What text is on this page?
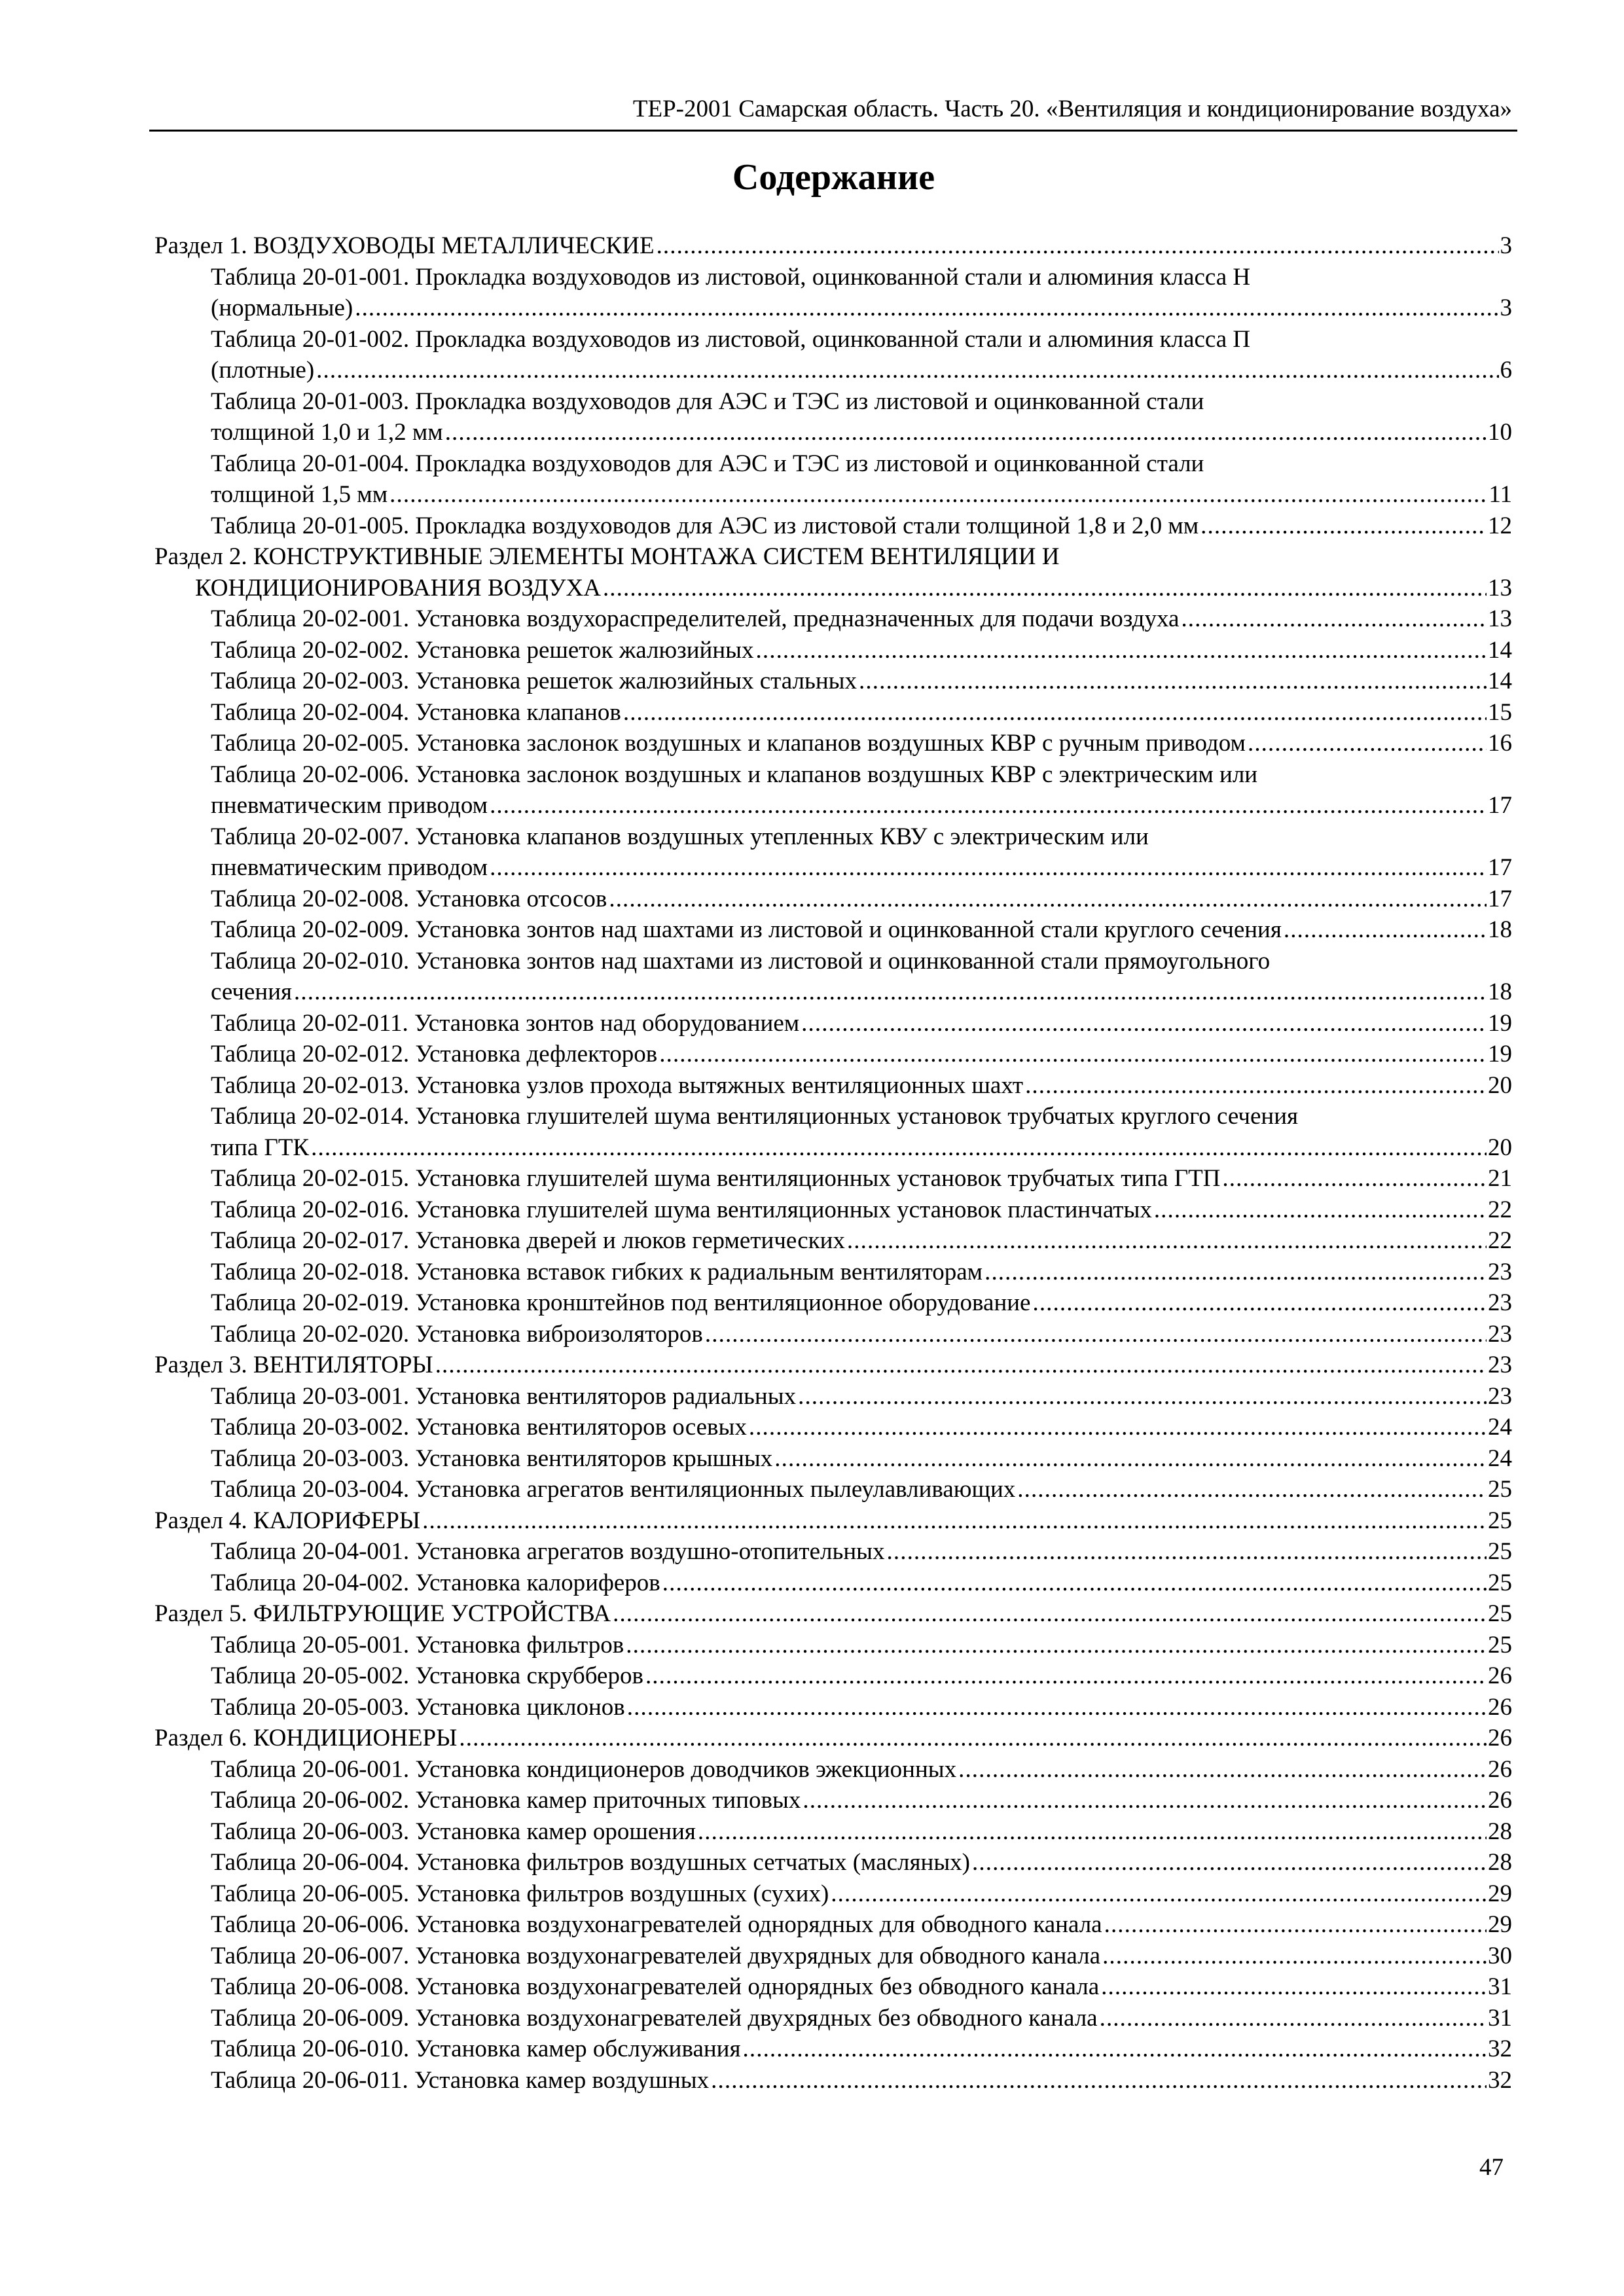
ТЕР-2001 Самарская область. Часть 20. «Вентиляция и кондиционирование воздуха»
Содержание
Раздел 1. ВОЗДУХОВОДЫ МЕТАЛЛИЧЕСКИЕ .....	3
Таблица 20-01-001. Прокладка воздуховодов из листовой, оцинкованной стали и алюминия класса Н
(нормальные) .....	3
Таблица 20-01-002. Прокладка воздуховодов из листовой, оцинкованной стали и алюминия класса П
(плотные) .....	6
Таблица 20-01-003. Прокладка воздуховодов для АЭС и ТЭС из листовой и оцинкованной стали
толщиной 1,0 и 1,2 мм .....	10
Таблица 20-01-004. Прокладка воздуховодов для АЭС и ТЭС из листовой и оцинкованной стали
толщиной 1,5 мм .....	11
Таблица 20-01-005. Прокладка воздуховодов для АЭС из листовой стали толщиной 1,8 и 2,0 мм .....	12
Раздел 2. КОНСТРУКТИВНЫЕ ЭЛЕМЕНТЫ МОНТАЖА СИСТЕМ ВЕНТИЛЯЦИИ И
КОНДИЦИОНИРОВАНИЯ ВОЗДУХА .....	13
Таблица 20-02-001. Установка воздухораспределителей, предназначенных для подачи воздуха .....	13
Таблица 20-02-002. Установка решеток жалюзийных .....	14
Таблица 20-02-003. Установка решеток жалюзийных стальных .....	14
Таблица 20-02-004. Установка клапанов .....	15
Таблица 20-02-005. Установка заслонок воздушных и клапанов воздушных КВР с ручным приводом .....	16
Таблица 20-02-006. Установка заслонок воздушных и клапанов воздушных КВР с электрическим или
пневматическим приводом .....	17
Таблица 20-02-007. Установка клапанов воздушных утепленных КВУ с электрическим или
пневматическим приводом .....	17
Таблица 20-02-008. Установка отсосов .....	17
Таблица 20-02-009. Установка зонтов над шахтами из листовой и оцинкованной стали круглого сечения .....	18
Таблица 20-02-010. Установка зонтов над шахтами из листовой и оцинкованной стали прямоугольного
сечения .....	18
Таблица 20-02-011. Установка зонтов над оборудованием .....	19
Таблица 20-02-012. Установка дефлекторов .....	19
Таблица 20-02-013. Установка узлов прохода вытяжных вентиляционных шахт .....	20
Таблица 20-02-014. Установка глушителей шума вентиляционных установок трубчатых круглого сечения
типа ГТК .....	20
Таблица 20-02-015. Установка глушителей шума вентиляционных установок трубчатых типа ГТП .....	21
Таблица 20-02-016. Установка глушителей шума вентиляционных установок пластинчатых .....	22
Таблица 20-02-017. Установка дверей и люков герметических .....	22
Таблица 20-02-018. Установка вставок гибких к радиальным вентиляторам .....	23
Таблица 20-02-019. Установка кронштейнов под вентиляционное оборудование .....	23
Таблица 20-02-020. Установка виброизоляторов .....	23
Раздел 3. ВЕНТИЛЯТОРЫ .....	23
Таблица 20-03-001. Установка вентиляторов радиальных .....	23
Таблица 20-03-002. Установка вентиляторов осевых .....	24
Таблица 20-03-003. Установка вентиляторов крышных .....	24
Таблица 20-03-004. Установка агрегатов вентиляционных пылеулавливающих .....	25
Раздел 4. КАЛОРИФЕРЫ .....	25
Таблица 20-04-001. Установка агрегатов воздушно-отопительных .....	25
Таблица 20-04-002. Установка калориферов .....	25
Раздел 5. ФИЛЬТРУЮЩИЕ УСТРОЙСТВА .....	25
Таблица 20-05-001. Установка фильтров .....	25
Таблица 20-05-002. Установка скрубберов .....	26
Таблица 20-05-003. Установка циклонов .....	26
Раздел 6. КОНДИЦИОНЕРЫ .....	26
Таблица 20-06-001. Установка кондиционеров доводчиков эжекционных .....	26
Таблица 20-06-002. Установка камер приточных типовых .....	26
Таблица 20-06-003. Установка камер орошения .....	28
Таблица 20-06-004. Установка фильтров воздушных сетчатых (масляных) .....	28
Таблица 20-06-005. Установка фильтров воздушных (сухих) .....	29
Таблица 20-06-006. Установка воздухонагревателей однорядных для обводного канала .....	29
Таблица 20-06-007. Установка воздухонагревателей двухрядных для обводного канала .....	30
Таблица 20-06-008. Установка воздухонагревателей однорядных без обводного канала .....	31
Таблица 20-06-009. Установка воздухонагревателей двухрядных без обводного канала .....	31
Таблица 20-06-010. Установка камер обслуживания .....	32
Таблица 20-06-011. Установка камер воздушных .....	32
47
